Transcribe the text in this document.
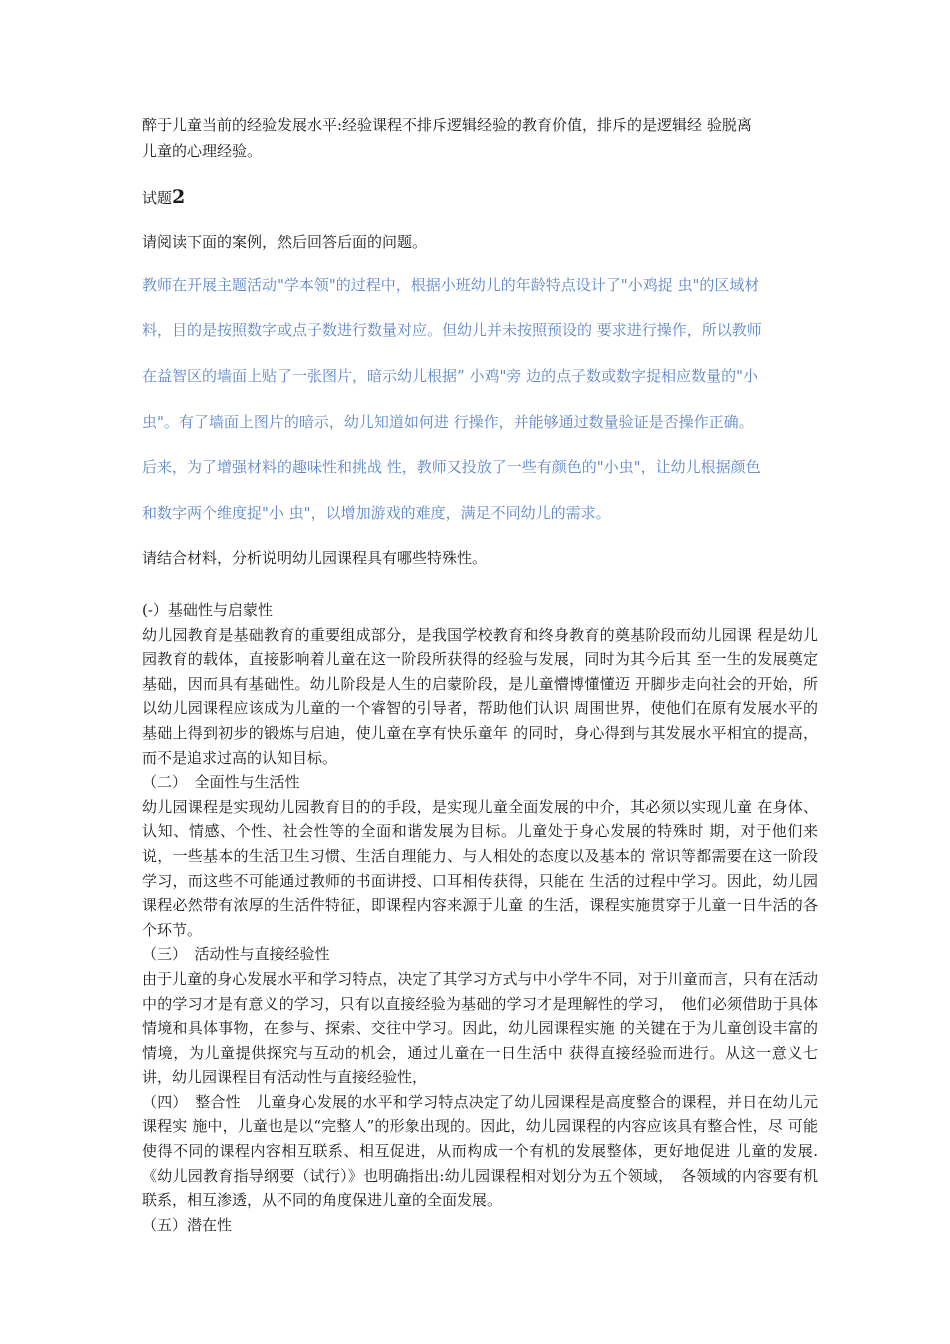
醉于儿童当前的经验发展水平:经验课程不排斥逻辑经验的教育价值，排斥的是逻辑经 验脱离
儿童的心理经验。
试题2
请阅读下面的案例，然后回答后面的问题。
教师在开展主题活动"学本领"的过程中，根据小班幼儿的年龄特点设计了"小鸡捉 虫"的区域材
料，目的是按照数字或点子数进行数量对应。但幼儿并未按照预设的 要求进行操作，所以教师
在益智区的墙面上贴了一张图片，暗示幼儿根据” 小鸡"旁 边的点子数或数字捉相应数量的"小
虫"。有了墙面上图片的暗示，幼儿知道如何进 行操作，并能够通过数量验证是否操作正确。
后来，为了增强材料的趣味性和挑战 性，教师又投放了一些有颜色的"小虫"，让幼儿根据颜色
和数字两个维度捉"小 虫"，以增加游戏的难度，满足不同幼儿的需求。
请结合材料，分析说明幼儿园课程具有哪些特殊性。

(-）基础性与启蒙性

幼儿园教育是基础教育的重要组成部分，是我国学校教育和终身教育的奠基阶段而幼儿园课 程是幼儿园教育的载体，直接影响着儿童在这一阶段所获得的经验与发展，同时为其今后其 至一生的发展奠定基础，因而具有基础性。幼儿阶段是人生的启蒙阶段，是儿童懵博懂懂迈 开脚步走向社会的开始，所以幼儿园课程应该成为儿童的一个睿智的引导者，帮助他们认识 周围世界，使他们在原有发展水平的基础上得到初步的锻炼与启迪，使儿童在享有快乐童年 的同时，身心得到与其发展水平相宜的提高，而不是追求过高的认知目标。

（二）　全面性与生活性

幼儿园课程是实现幼儿园教育目的的手段，是实现儿童全面发展的中介，其必须以实现儿童 在身体、认知、情感、个性、社会性等的全面和谐发展为目标。儿童处于身心发展的特殊时 期，对于他们来说，一些基本的生活卫生习惯、生活自理能力、与人相处的态度以及基本的 常识等都需要在这一阶段学习，而这些不可能通过教师的书面讲授、口耳相传获得，只能在 生活的过程中学习。因此，幼儿园课程必然带有浓厚的生活件特征，即课程内容来源于儿童 的生活，课程实施贯穿于儿童一日牛活的各个环节。

（三）　活动性与直接经验性

由于儿童的身心发展水平和学习特点，决定了其学习方式与中小学牛不同，对于川童而言，只有在活动中的学习才是有意义的学习，只有以直接经验为基础的学习才是理解性的学习，　他们必须借助于具体情境和具体事物，在参与、探索、交往中学习。因此，幼儿园课程实施 的关键在于为儿童创设丰富的情境，为儿童提供探究与互动的机会，通过儿童在一日生活中 获得直接经验而进行。从这一意义七讲，幼儿园课程目有活动性与直接经验性，

（四）　整合性　 儿童身心发展的水平和学习特点决定了幼儿园课程是高度整合的课程，并日在幼儿元课程实 施中，儿童也是以“完整人”的形象出现的。因此，幼儿园课程的内容应该具有整合性，尽 可能使得不同的课程内容相互联系、相互促进，从而构成一个有机的发展整体，更好地促进 儿童的发展.《幼儿园教育指导纲要（试行）》也明确指出:幼儿园课程相对划分为五个领域，　各领域的内容要有机联系，相互渗透，从不同的角度保进儿童的全面发展。

（五）潜在性
